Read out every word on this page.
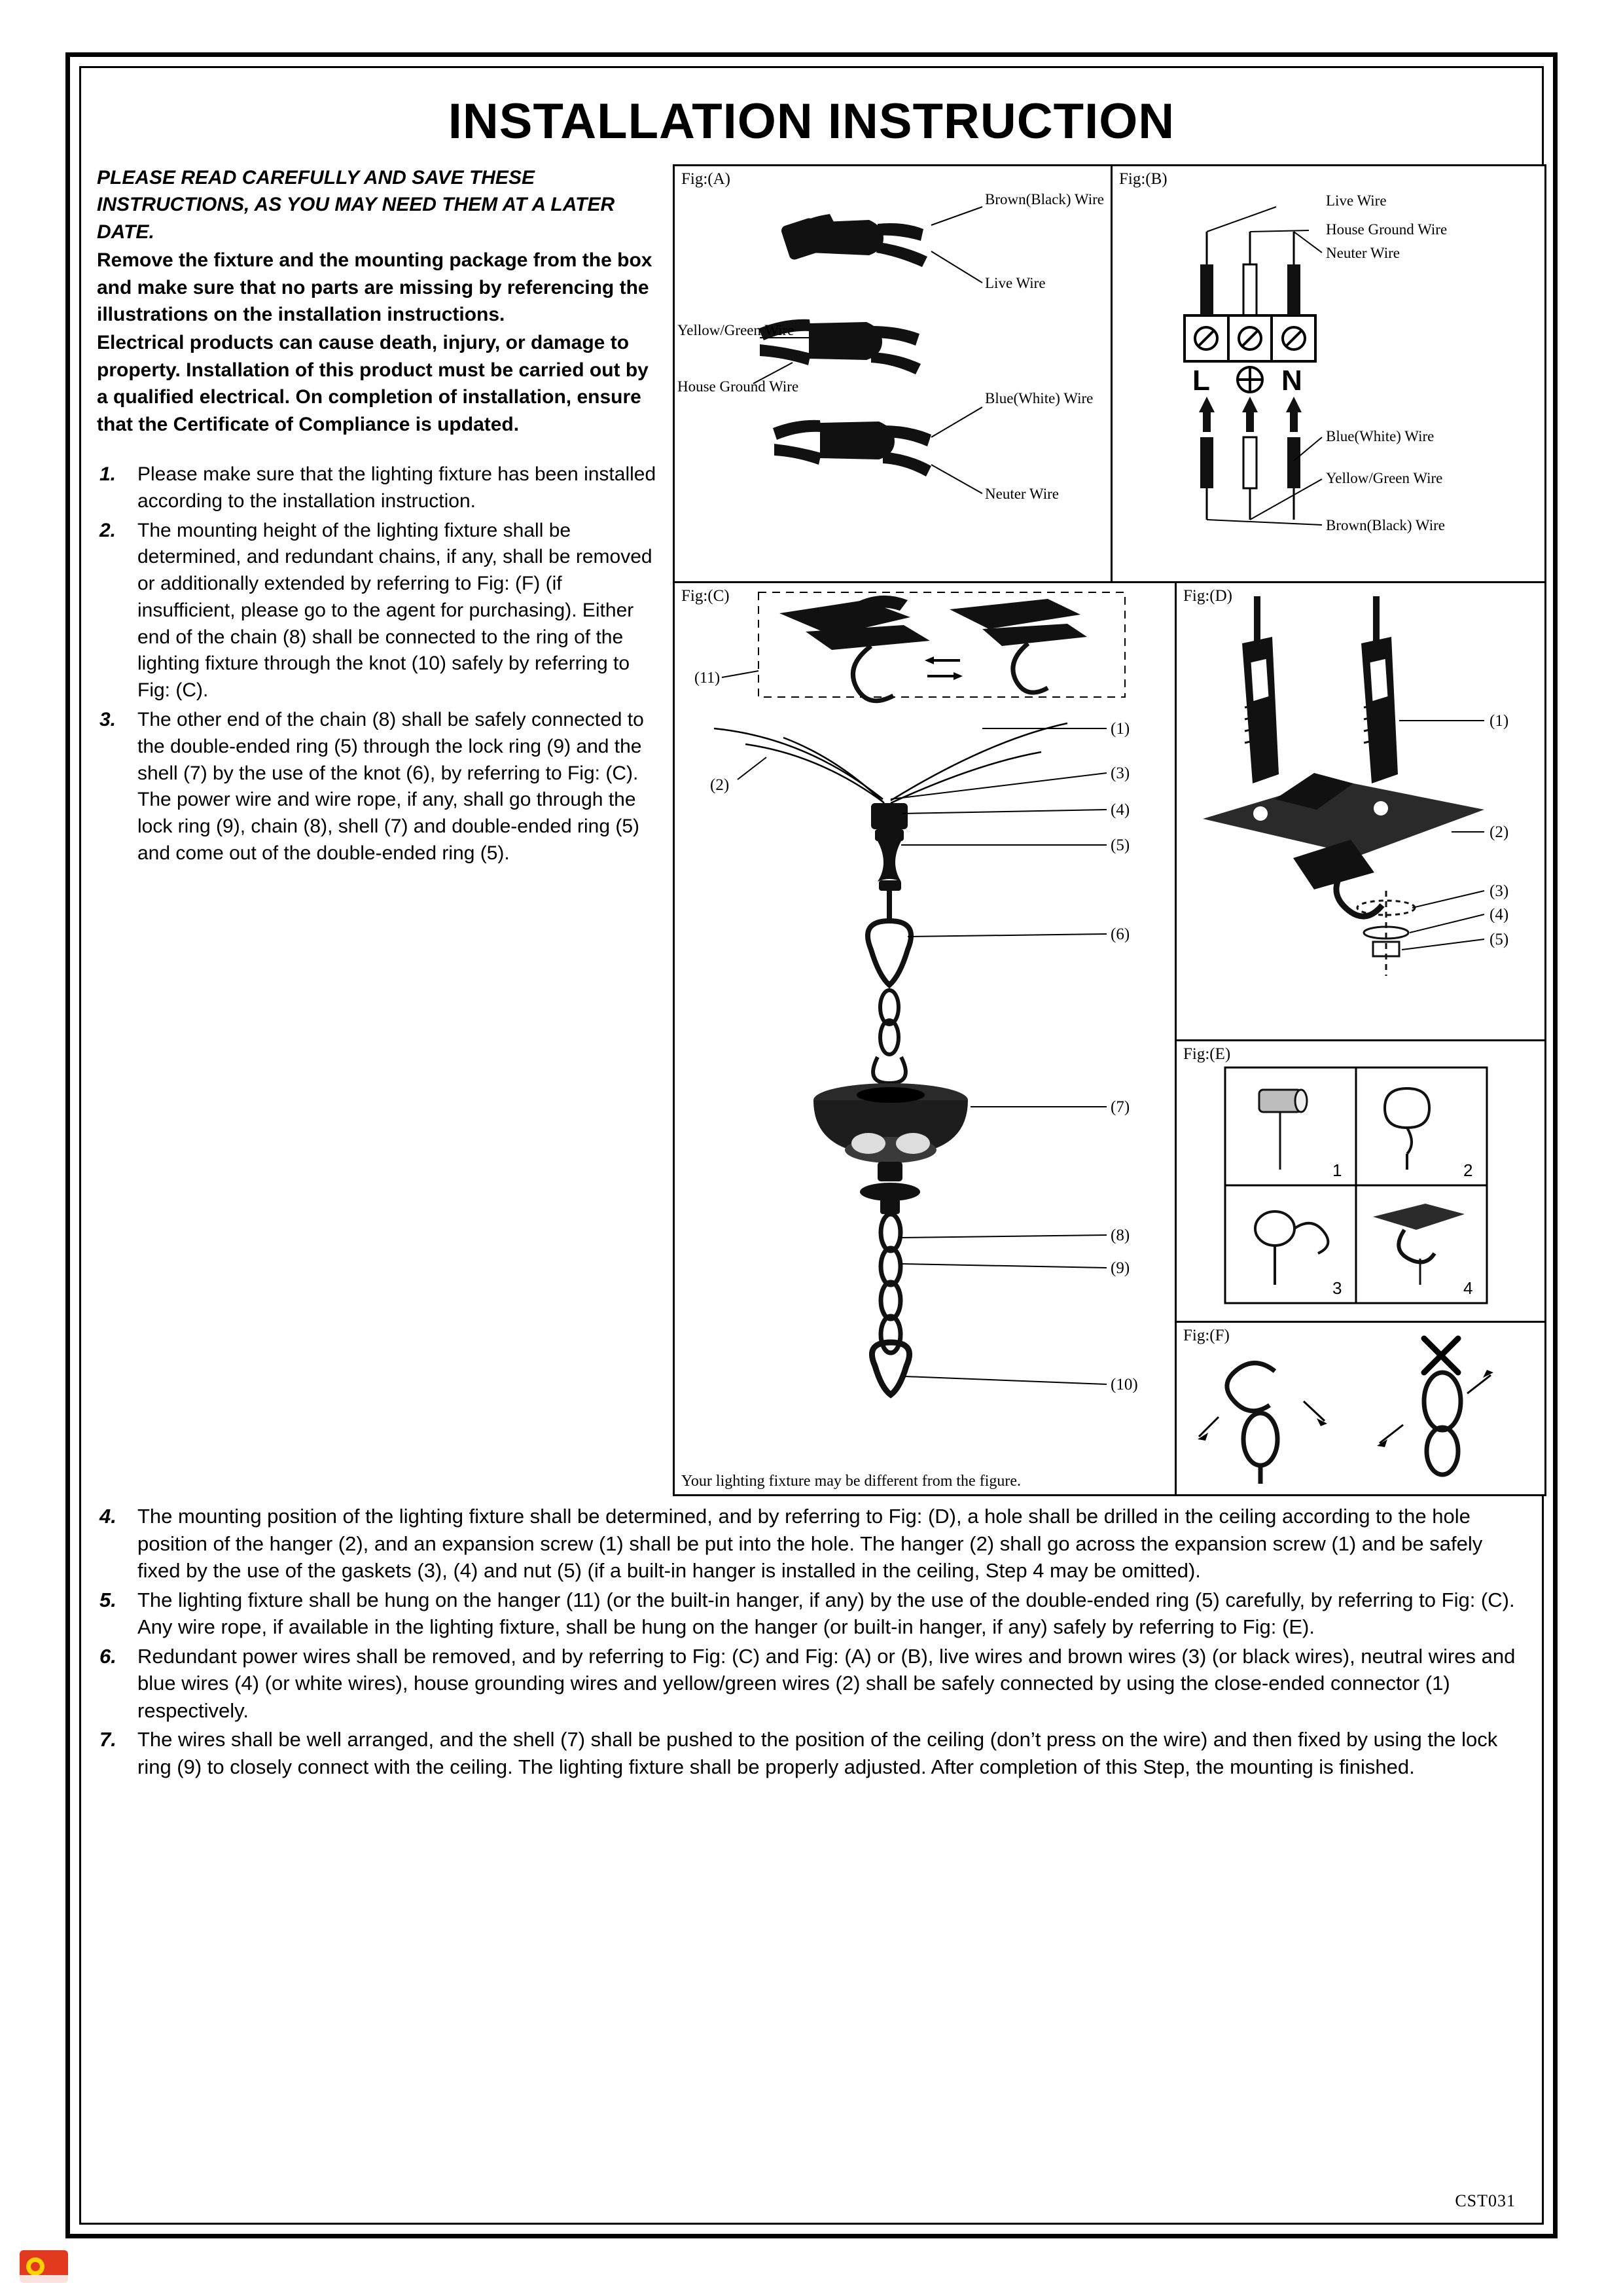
INSTALLATION INSTRUCTION

PLEASE READ CAREFULLY AND SAVE THESE INSTRUCTIONS, AS YOU MAY NEED THEM AT A LATER DATE.

Remove the fixture and the mounting package from the box and make sure that no parts are missing by referencing the illustrations on the installation instructions.

Electrical products can cause death, injury, or damage to property. Installation of this product must be carried out by a qualified electrical. On completion of installation, ensure that the Certificate of Compliance is updated.

1. Please make sure that the lighting fixture has been installed according to the installation instruction.
2. The mounting height of the lighting fixture shall be determined, and redundant chains, if any, shall be removed or additionally extended by referring to Fig: (F) (if insufficient, please go to the agent for purchasing). Either end of the chain (8) shall be connected to the ring of the lighting fixture through the knot (10) safely by referring to Fig: (C).
3. The other end of the chain (8) shall be safely connected to the double-ended ring (5) through the lock ring (9) and the shell (7) by the use of the knot (6), by referring to Fig: (C). The power wire and wire rope, if any, shall go through the lock ring (9), chain (8), shell (7) and double-ended ring (5) and come out of the double-ended ring (5).
Fig:(A)
Brown(Black) Wire
Live Wire
Yellow/Green Wire
House Ground Wire
Blue(White) Wire
Neuter Wire
Fig:(B)
L N
Live Wire
House Ground Wire
Neuter Wire
Blue(White) Wire
Yellow/Green Wire
Brown(Black) Wire
Fig:(C)
(11)
(1)
(3)
(4)
(5)
(6)
(7)
(8)
(9)
(10)
(2)
Your lighting fixture may be different from the figure.
Fig:(D)
(1)
(2)
(3)
(4)
(5)
Fig:(E)
1	2
3	4
Fig:(F)
4. The mounting position of the lighting fixture shall be determined, and by referring to Fig: (D), a hole shall be drilled in the ceiling according to the hole position of the hanger (2), and an expansion screw (1) shall be put into the hole. The hanger (2) shall go across the expansion screw (1) and be safely fixed by the use of the gaskets (3), (4) and nut (5) (if a built-in hanger is installed in the ceiling, Step 4 may be omitted).
5. The lighting fixture shall be hung on the hanger (11) (or the built-in hanger, if any) by the use of the double-ended ring (5) carefully, by referring to Fig: (C). Any wire rope, if available in the lighting fixture, shall be hung on the hanger (or built-in hanger, if any) safely by referring to Fig: (E).
6. Redundant power wires shall be removed, and by referring to Fig: (C) and Fig: (A) or (B), live wires and brown wires (3) (or black wires), neutral wires and blue wires (4) (or white wires), house grounding wires and yellow/green wires (2) shall be safely connected by using the close-ended connector (1) respectively.
7. The wires shall be well arranged, and the shell (7) shall be pushed to the position of the ceiling (don’t press on the wire) and then fixed by using the lock ring (9) to closely connect with the ceiling. The lighting fixture shall be properly adjusted. After completion of this Step, the mounting is finished.
CST031
